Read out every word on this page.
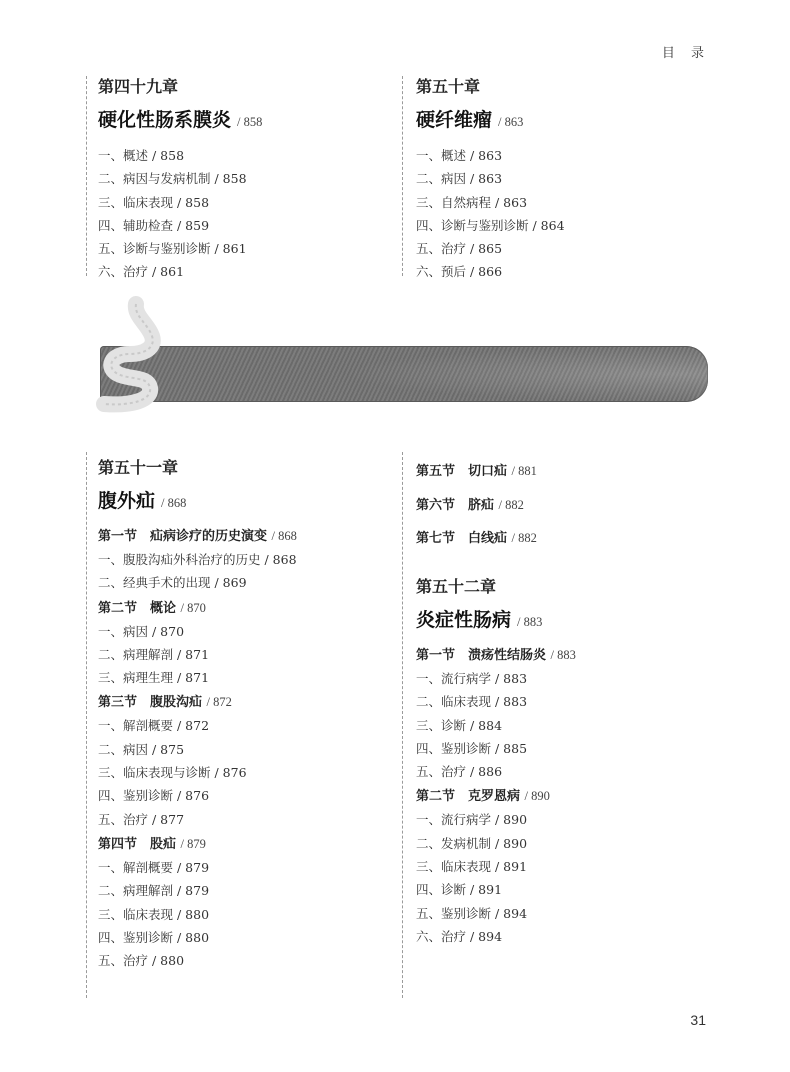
目 录
第四十九章
硬化性肠系膜炎 / 858
一、概述 / 858
二、病因与发病机制 / 858
三、临床表现 / 858
四、辅助检查 / 859
五、诊断与鉴别诊断 / 861
六、治疗 / 861
第五十章
硬纤维瘤 / 863
一、概述 / 863
二、病因 / 863
三、自然病程 / 863
四、诊断与鉴别诊断 / 864
五、治疗 / 865
六、预后 / 866
第五十一章
腹外疝 / 868
第一节　疝病诊疗的历史演变 / 868
一、腹股沟疝外科治疗的历史 / 868
二、经典手术的出现 / 869
第二节　概论 / 870
一、病因 / 870
二、病理解剖 / 871
三、病理生理 / 871
第三节　腹股沟疝 / 872
一、解剖概要 / 872
二、病因 / 875
三、临床表现与诊断 / 876
四、鉴别诊断 / 876
五、治疗 / 877
第四节　股疝 / 879
一、解剖概要 / 879
二、病理解剖 / 879
三、临床表现 / 880
四、鉴别诊断 / 880
五、治疗 / 880
第五节　切口疝 / 881
第六节　脐疝 / 882
第七节　白线疝 / 882
第五十二章
炎症性肠病 / 883
第一节　溃疡性结肠炎 / 883
一、流行病学 / 883
二、临床表现 / 883
三、诊断 / 884
四、鉴别诊断 / 885
五、治疗 / 886
第二节　克罗恩病 / 890
一、流行病学 / 890
二、发病机制 / 890
三、临床表现 / 891
四、诊断 / 891
五、鉴别诊断 / 894
六、治疗 / 894
31
